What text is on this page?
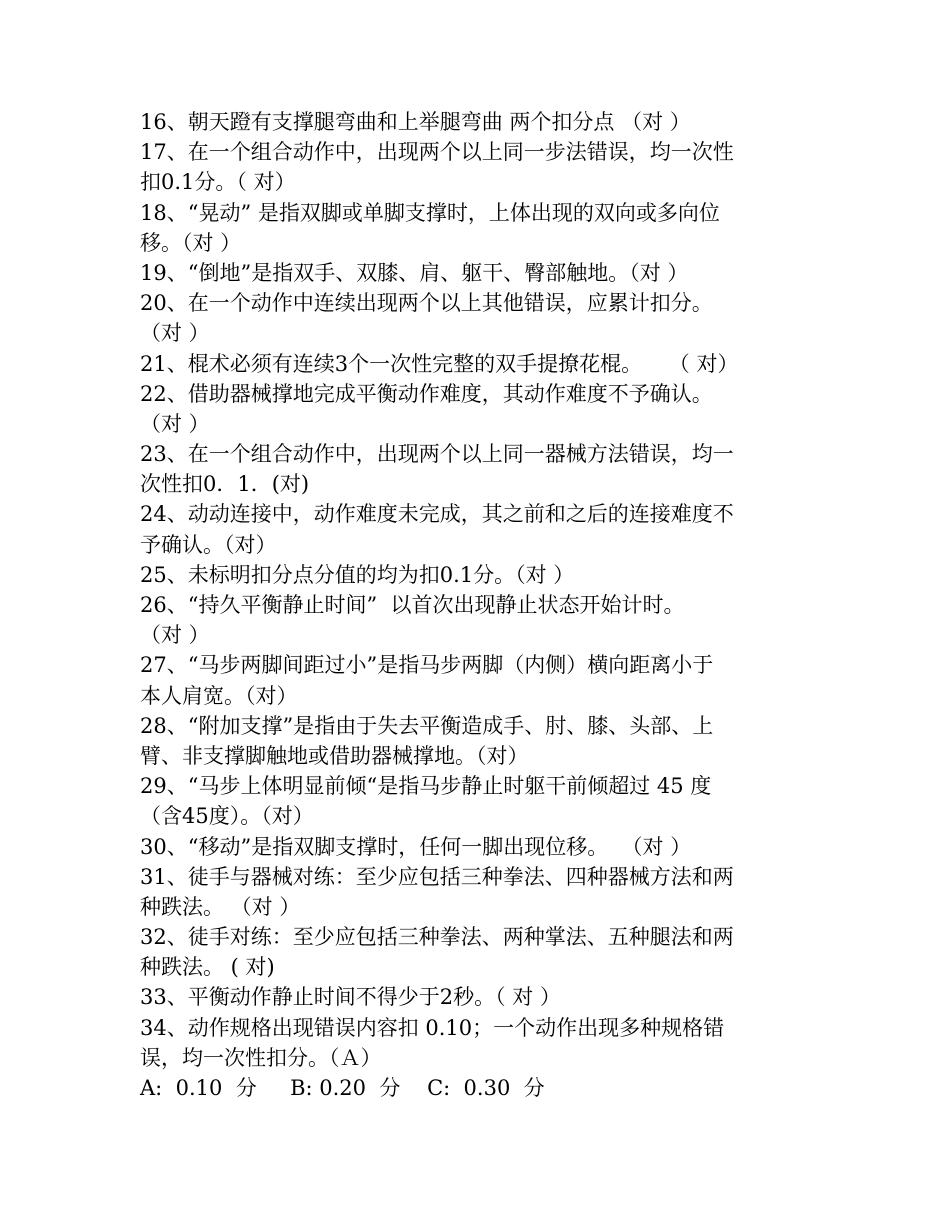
16、朝天蹬有支撑腿弯曲和上举腿弯曲 两个扣分点 （对 ）
17、在一个组合动作中，出现两个以上同一步法错误，均一次性
扣0.1分。（ 对）
18、“晃动” 是指双脚或单脚支撑时，上体出现的双向或多向位
移。（对 ）
19、“倒地”是指双手、双膝、肩、躯干、臀部触地。（对 ）
20、在一个动作中连续出现两个以上其他错误，应累计扣分。
（对 ）
21、棍术必须有连续3个一次性完整的双手提撩花棍。    （ 对）
22、借助器械撑地完成平衡动作难度，其动作难度不予确认。
（对 ）
23、在一个组合动作中，出现两个以上同一器械方法错误，均一
次性扣0．1．(对)
24、动动连接中，动作难度未完成，其之前和之后的连接难度不
予确认。（对）
25、未标明扣分点分值的均为扣0.1分。（对 ）
26、“持久平衡静止时间”  以首次出现静止状态开始计时。
（对 ）
27、“马步两脚间距过小”是指马步两脚（内侧）横向距离小于
本人肩宽。（对）
28、“附加支撑”是指由于失去平衡造成手、肘、膝、头部、上
臂、非支撑脚触地或借助器械撑地。（对）
29、“马步上体明显前倾“是指马步静止时躯干前倾超过 45 度
（含45度）。（对）
30、“移动”是指双脚支撑时，任何一脚出现位移。  （对 ）
31、徒手与器械对练：至少应包括三种拳法、四种器械方法和两
种跌法。 （对 ）
32、徒手对练：至少应包括三种拳法、两种掌法、五种腿法和两
种跌法。 ( 对)
33、平衡动作静止时间不得少于2秒。（ 对 ）
34、动作规格出现错误内容扣 0.10；一个动作出现多种规格错
误，均一次性扣分。（Ａ）
A:  0.10  分     B: 0.20  分    C:  0.30  分
